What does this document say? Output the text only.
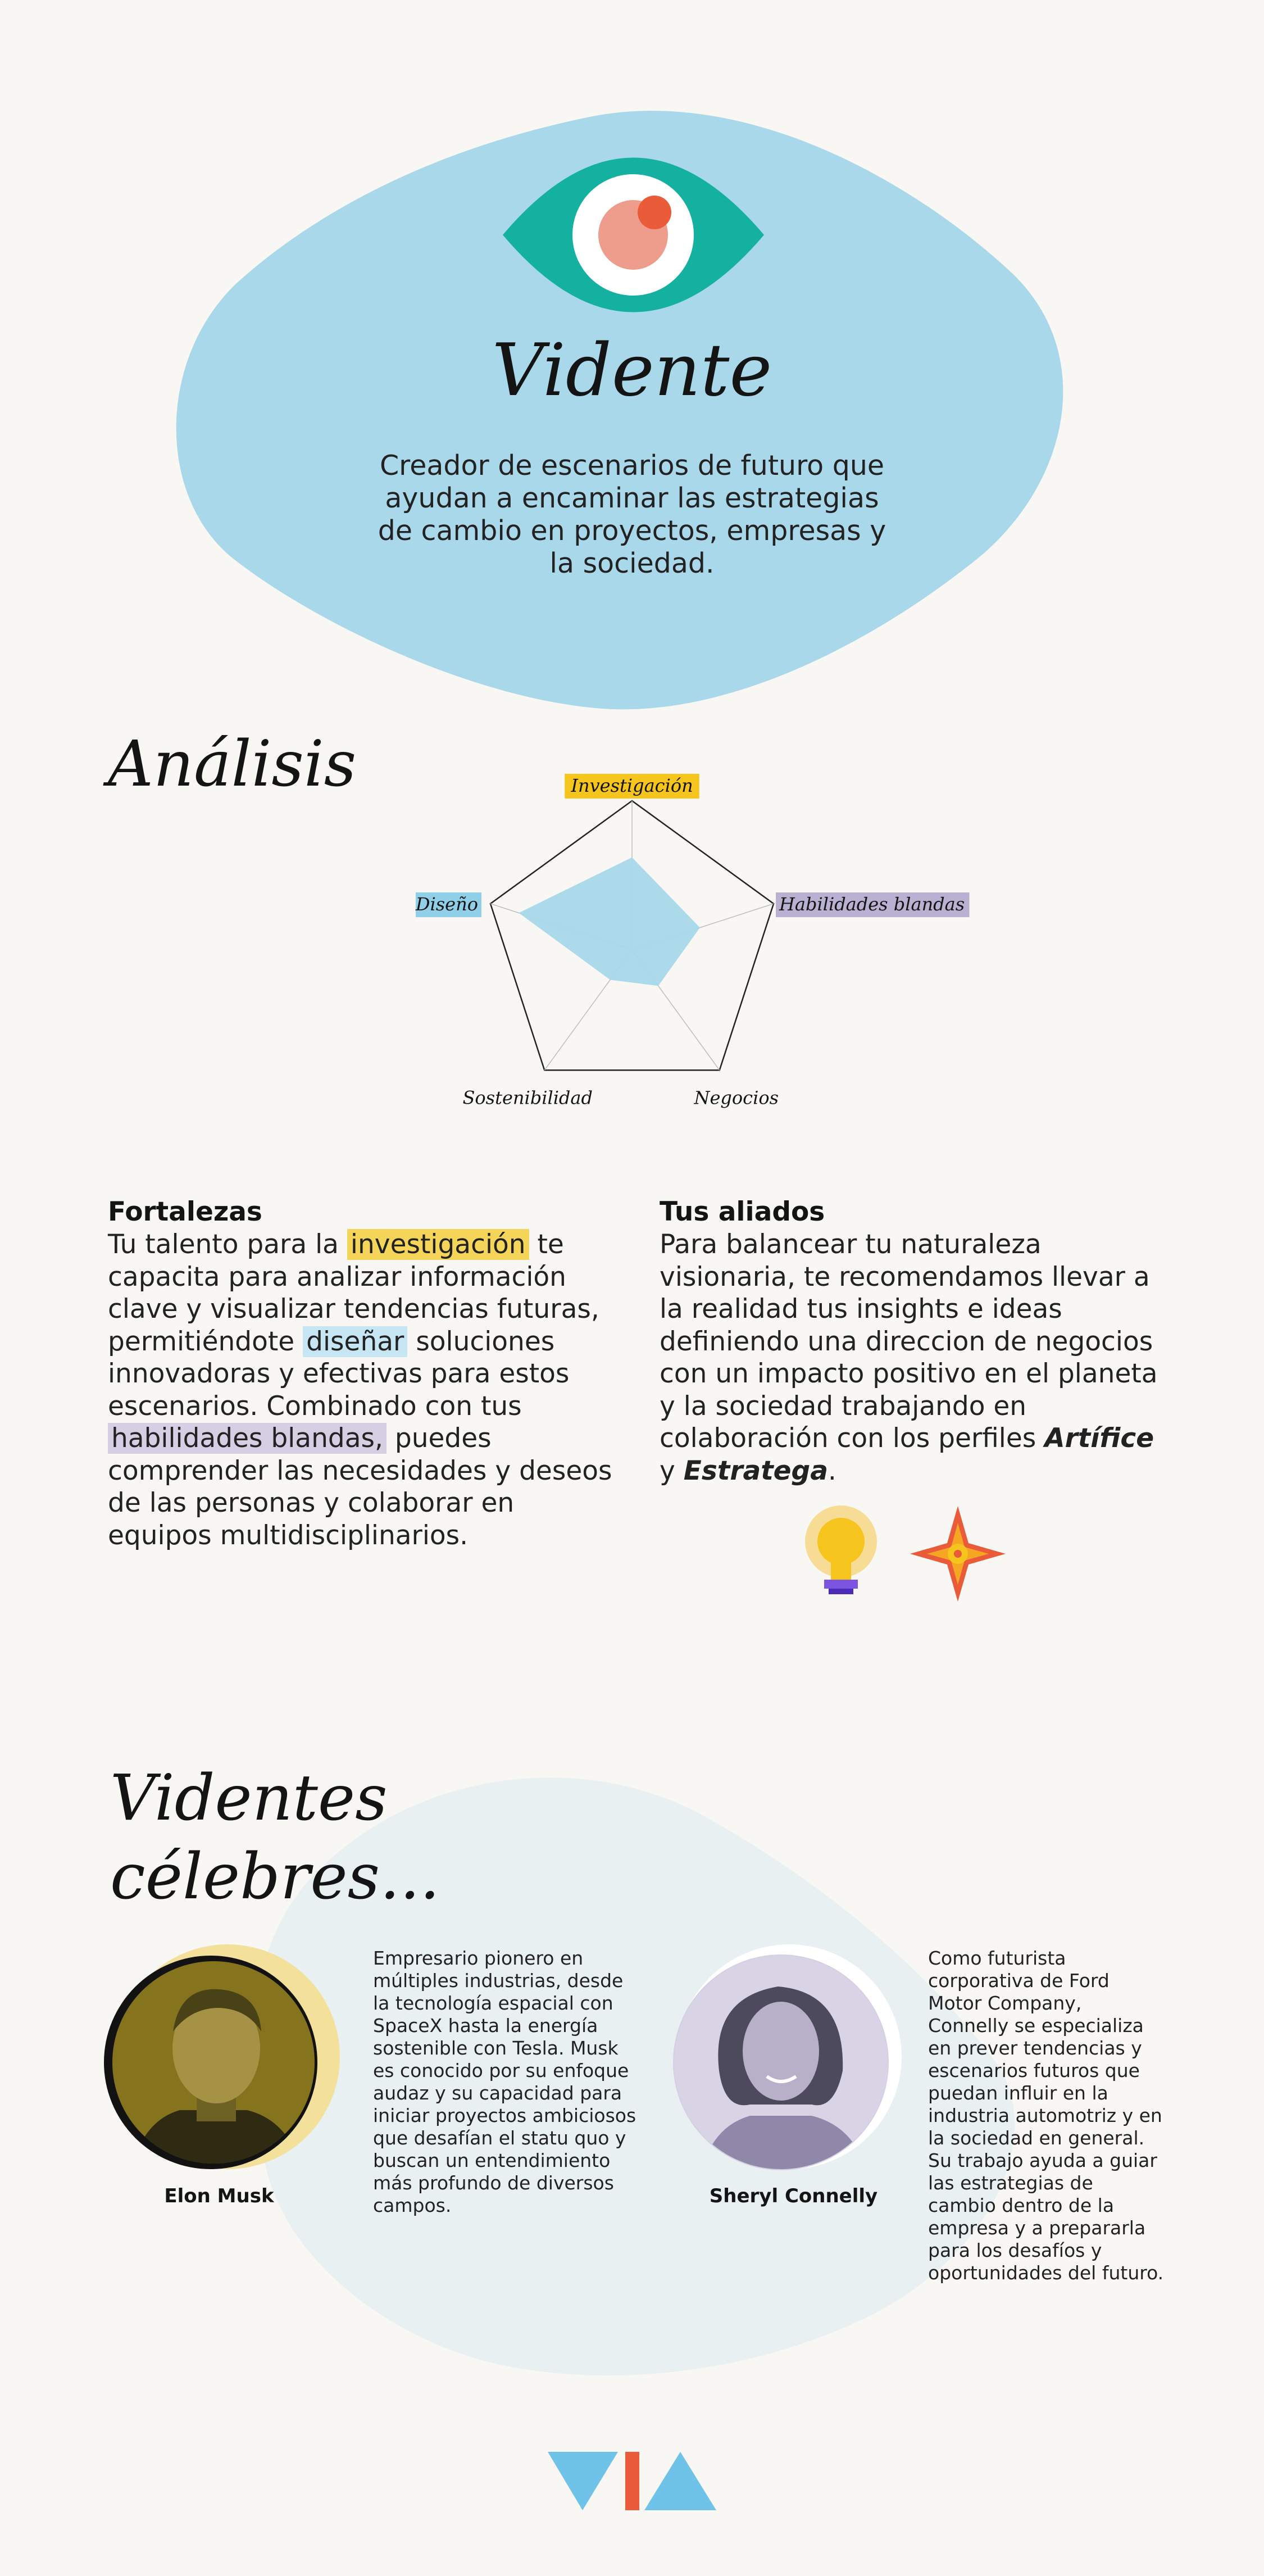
Vidente
Creador de escenarios de futuro que ayudan a encaminar las estrategias de cambio en proyectos, empresas y la sociedad.
Análisis	Investigación
Habilidades blandas
Negocios
Sostenibilidad
Diseño
Fortalezas
Tu talento para la investigación te capacita para analizar información clave y visualizar tendencias futuras, permitiéndote diseñar soluciones innovadoras y efectivas para estos escenarios. Combinado con tus habilidades blandas, puedes comprender las necesidades y deseos de las personas y colaborar en equipos multidisciplinarios.
Tus aliados
Para balancear tu naturaleza visionaria, te recomendamos llevar a la realidad tus insights e ideas definiendo una direccion de negocios con un impacto positivo en el planeta y la sociedad trabajando en colaboración con los perfiles Artífice y Estratega.
Videntes
célebres...
Elon Musk
Empresario pionero en múltiples industrias, desde la tecnología espacial con SpaceX hasta la energía sostenible con Tesla. Musk es conocido por su enfoque audaz y su capacidad para iniciar proyectos ambiciosos que desafían el statu quo y buscan un entendimiento más profundo de diversos campos.	Sheryl Connelly
Como futurista corporativa de Ford Motor Company, Connelly se especializa en prever tendencias y escenarios futuros que puedan influir en la industria automotriz y en la sociedad en general. Su trabajo ayuda a guiar las estrategias de cambio dentro de la empresa y a prepararla para los desafíos y oportunidades del futuro.
